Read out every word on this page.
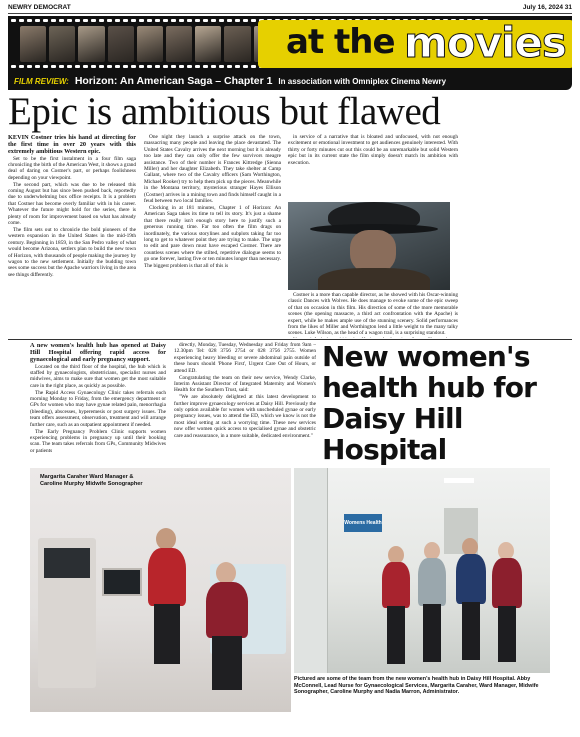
NEWRY DEMOCRAT	July 16, 2024 31
at the movies
FILM REVIEW: Horizon: An American Saga – Chapter 1 In association with Omniplex Cinema Newry
Epic is ambitious but flawed

KEVIN Costner tries his hand at directing for the first time in over 20 years with this extremely ambitious Western epic.

Set to be the first instalment in a four film saga chronicling the birth of the American West, it shows a grand deal of daring on Costner's part, or perhaps foolishness depending on your viewpoint.

The second part, which was due to be released this coming August but has since been pushed back, reportedly due to underwhelming box office receipts. It is a problem that Costner has become overly familiar with in his career. Whatever the future might hold for the series, there is plenty of room for improvement based on what has already come.

The film sets out to chronicle the bold pioneers of the western expansion in the United States in the mid-19th century. Beginning in 1859, in the San Pedro valley of what would become Arizona, settlers plan to build the new town of Horizon, with thousands of people making the journey by wagon to the new settlement. Initially the budding town sees some success but the Apache warriors living in the area see things differently.

One night they launch a surprise attack on the town, massacring many people and leaving the place devastated. The United States Cavalry arrives the next morning but it is already too late and they can only offer the few survivors meagre assistance. Two of their number is Frances Kittredge (Sienna Miller) and her daughter Elizabeth. They take shelter at Camp Gallant, where two of the Cavalry officers (Sam Worthington, Michael Rooker) try to help them pick up the pieces. Meanwhile in the Montana territory, mysterious stranger Hayes Ellison (Costner) arrives in a mining town and finds himself caught in a feud between two local families.

Clocking in at 181 minutes, Chapter 1 of Horizon: An American Saga takes its time to tell its story. It's just a shame that there really isn't enough story here to justify such a generous running time. Far too often the film drags on inordinately, the various storylines and subplots taking far too long to get to whatever point they are trying to make. The urge to edit and pare down must have escaped Costner. There are countless scenes where the stilted, repetitive dialogue seems to go one forever, lasting five or ten minutes longer than necessary. The biggest problem is that all of this is

in service of a narrative that is bloated and unfocused, with not enough excitement or emotional investment to get audiences genuinely interested. With thirty or forty minutes cut out this could be an unremarkable but solid Western epic but in its current state the film simply doesn't match its ambition with execution.

Costner is a more than capable director, as he showed with his Oscar-winning classic Dances with Wolves. He does manage to evoke some of the epic sweep of that on occasion in this film. His direction of some of the more memorable scenes (the opening massacre, a third act confrontation with the Apache) is expert, while he makes ample use of the stunning scenery. Solid performances from the likes of Miller and Worthington lend a little weight to the many talky scenes. Luke Wilson, as the head of a wagon trail, is a surprising standout.

A new women's health hub has opened at Daisy Hill Hospital offering rapid access for gynaecological and early pregnancy support.

Located on the third floor of the hospital, the hub which is staffed by gynaecologists, obstetricians, specialist nurses and midwives, aims to make sure that women get the most suitable care in the right place, as quickly as possible.

The Rapid Access Gynaecology Clinic takes referrals each morning Monday to Friday, from the emergency department or GPs for women who may have gynae related pain, menorrhagia (bleeding), abscesses, hyperemesis or post surgery issues. The team offers assessment, observation, treatment and will arrange further care, such as an outpatient appointment if needed.

The Early Pregnancy Problem Clinic supports women experiencing problems in pregnancy up until their booking scan. The team takes referrals from GPs, Community Midwives or patients

directly, Monday, Tuesday, Wednesday and Friday from 9am – 12.30pm Tel: 028 3756 2754 or 028 3756 2755. Women experiencing heavy bleeding or severe abdominal pain outside of these hours should 'Phone First', Urgent Care Out of Hours, or attend ED.

Congratulating the team on their new service, Wendy Clarke, Interim Assistant Director of Integrated Maternity and Women's Health for the Southern Trust, said:

"We are absolutely delighted at this latest development to further improve gynaecology services at Daisy Hill. Previously the only option available for women with unscheduled gynae or early pregnancy issues, was to attend the ED, which we know is not the most ideal setting at such a worrying time. These new services now offer women quick access to specialised gynae and obstetric care and reassurance, in a more suitable, dedicated environment."

New women's health hub for Daisy Hill Hospital
Margarita Caraher Ward Manager & Caroline Murphy Midwife Sonographer
Womens Health
Pictured are some of the team from the new women's health hub in Daisy Hill Hospital. Abby McConnell, Lead Nurse for Gynaecological Services, Margarita Caraher, Ward Manager, Midwife Sonographer, Caroline Murphy and Nadia Marron, Administrator.
